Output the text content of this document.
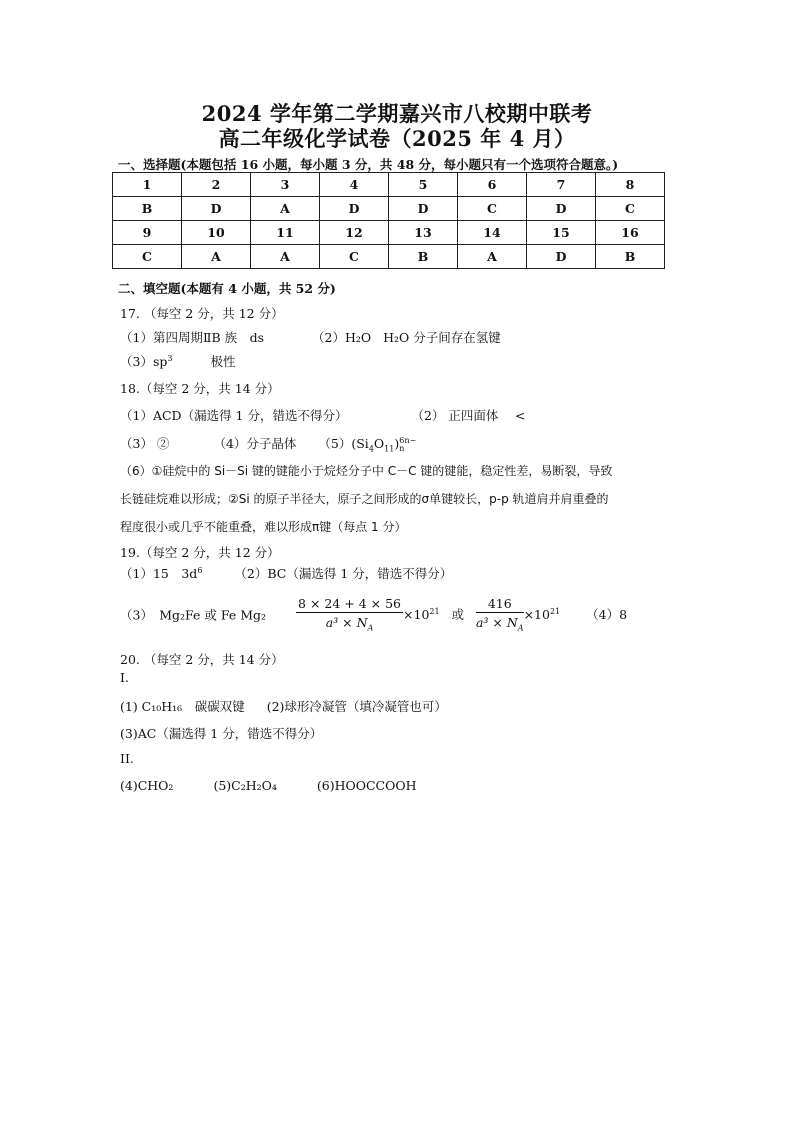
2024 学年第二学期嘉兴市八校期中联考
高二年级化学试卷（2025 年 4 月）
一、选择题(本题包括 16 小题，每小题 3 分，共 48 分，每小题只有一个选项符合题意。)
1	2	3	4	5	6	7	8
B	D	A	D	D	C	D	C
9	10	11	12	13	14	15	16
C	A	A	C	B	A	D	B
二、填空题(本题有 4 小题，共 52 分)
17. （每空 2 分，共 12 分）
（1）第四周期ⅡB 族　ds	（2）H₂O H₂O 分子间存在氢键
$(3)sp^3$	极性
18.（每空 2 分，共 14 分）
（1）ACD（漏选得 1 分，错选不得分）	（2） 正四面体　 <
（3） ②	（4）分子晶体 $(5)(Si_4O_{11})$ 6n−
n
（6）①硅烷中的 Si－Si 键的键能小于烷烃分子中 C－C 键的键能，稳定性差，易断裂，导致
长链硅烷难以形成；②Si 的原子半径大，原子之间形成的σ单键较长，p-p 轨道肩并肩重叠的
程度很小或几乎不能重叠，难以形成π键（每点 1 分）
19.（每空 2 分，共 12 分）
（1）15　$3d^6$	（2）BC（漏选得 1 分，错选不得分）
（3）　Mg₂Fe 或 Fe $Mg_2 \frac{8 \times 24 + 4 \times 56}{a^3 \times N_A} \times 10^{21}$ 或 $\frac{416}{a^3 \times N_A} \times 10^{21}$ （4）8
20. （每空 2 分，共 14 分）
I.
(1) C₁₀H₁₆　碳碳双键 (2)球形冷凝管（填冷凝管也可）
(3)AC（漏选得 1 分，错选不得分）
II.
(4)CHO₂	(5)C₂H₂O₄	(6)HOOCCOOH
